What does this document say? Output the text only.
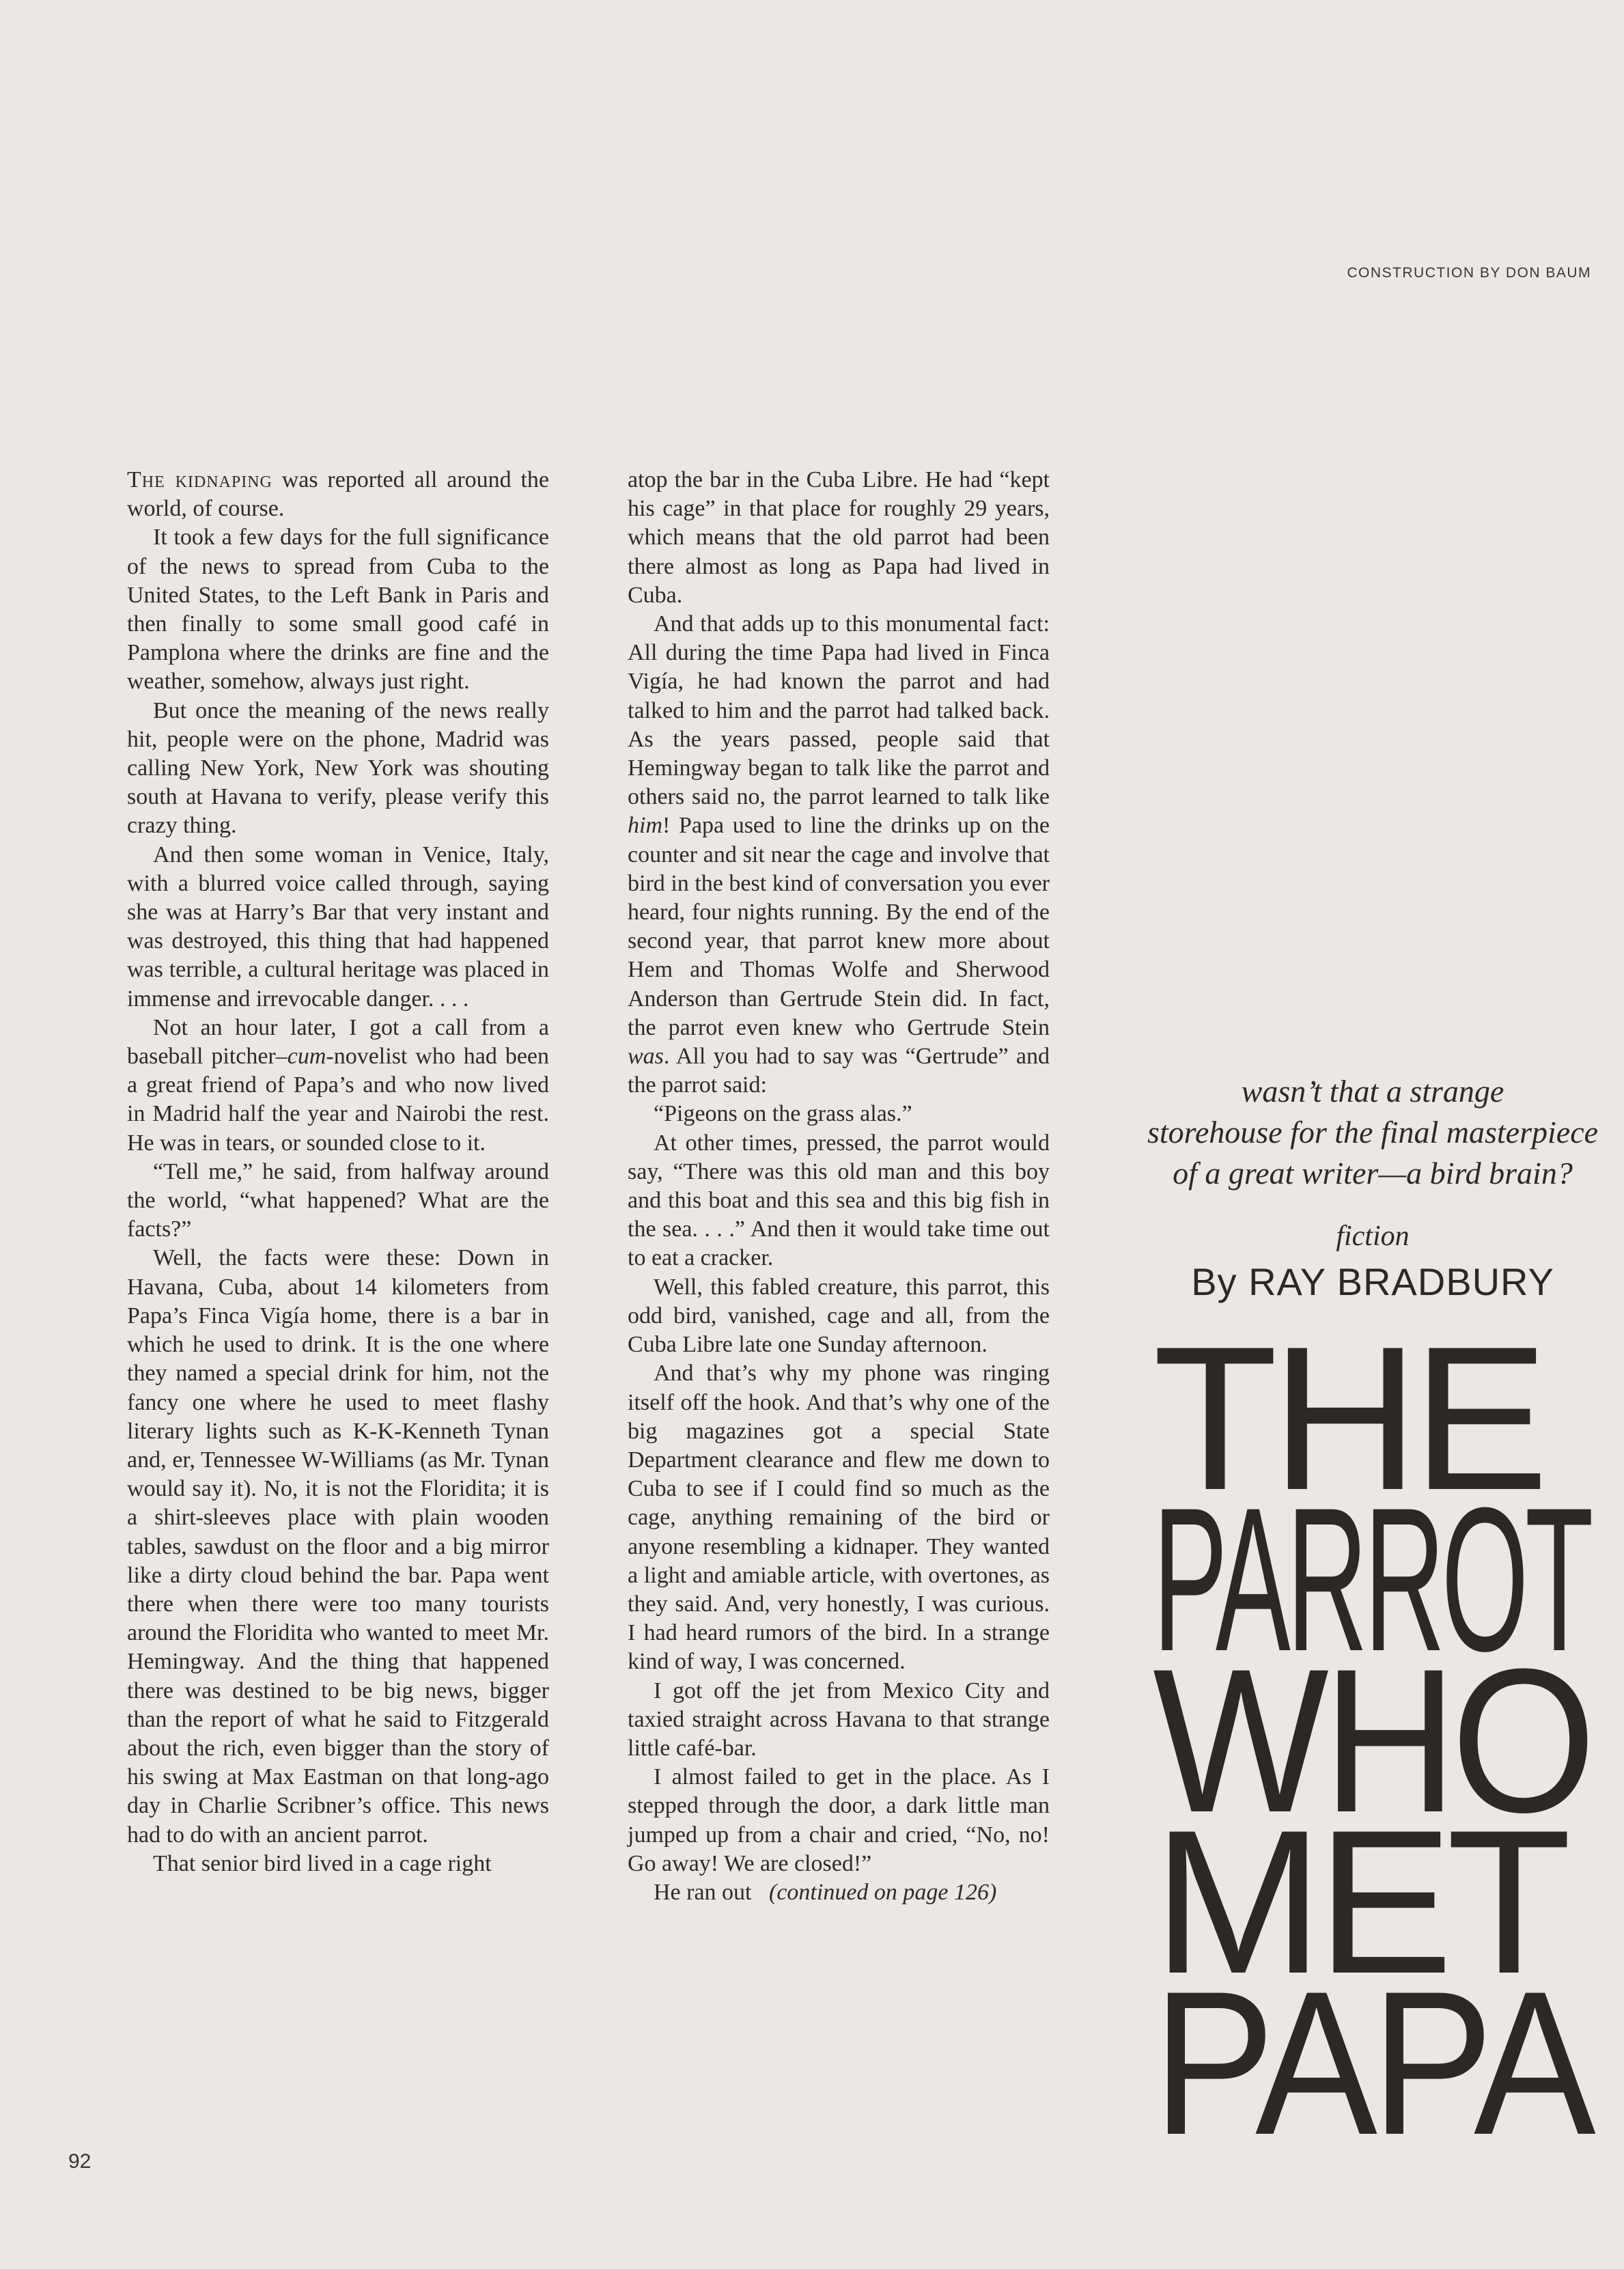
CONSTRUCTION BY DON BAUM

The kidnaping was reported all around the world, of course.

It took a few days for the full significance of the news to spread from Cuba to the United States, to the Left Bank in Paris and then finally to some small good café in Pamplona where the drinks are fine and the weather, somehow, always just right.

But once the meaning of the news really hit, people were on the phone, Madrid was calling New York, New York was shouting south at Havana to verify, please verify this crazy thing.

And then some woman in Venice, Italy, with a blurred voice called through, saying she was at Harry’s Bar that very instant and was destroyed, this thing that had happened was terrible, a cultural heritage was placed in immense and irrevocable danger. . . .

Not an hour later, I got a call from a baseball pitcher–cum-novelist who had been a great friend of Papa’s and who now lived in Madrid half the year and Nairobi the rest. He was in tears, or sounded close to it.

“Tell me,” he said, from halfway around the world, “what happened? What are the facts?”

Well, the facts were these: Down in Havana, Cuba, about 14 kilometers from Papa’s Finca Vigía home, there is a bar in which he used to drink. It is the one where they named a special drink for him, not the fancy one where he used to meet flashy literary lights such as K-K-Kenneth Tynan and, er, Tennessee W-Williams (as Mr. Tynan would say it). No, it is not the Floridita; it is a shirt-sleeves place with plain wooden tables, sawdust on the floor and a big mirror like a dirty cloud behind the bar. Papa went there when there were too many tourists around the Floridita who wanted to meet Mr. Hemingway. And the thing that happened there was destined to be big news, bigger than the report of what he said to Fitzgerald about the rich, even bigger than the story of his swing at Max Eastman on that long-ago day in Charlie Scribner’s office. This news had to do with an ancient parrot.

That senior bird lived in a cage right

atop the bar in the Cuba Libre. He had “kept his cage” in that place for roughly 29 years, which means that the old parrot had been there almost as long as Papa had lived in Cuba.

And that adds up to this monumental fact: All during the time Papa had lived in Finca Vigía, he had known the parrot and had talked to him and the parrot had talked back. As the years passed, people said that Hemingway began to talk like the parrot and others said no, the parrot learned to talk like him! Papa used to line the drinks up on the counter and sit near the cage and involve that bird in the best kind of conversation you ever heard, four nights running. By the end of the second year, that parrot knew more about Hem and Thomas Wolfe and Sherwood Anderson than Gertrude Stein did. In fact, the parrot even knew who Gertrude Stein was. All you had to say was “Gertrude” and the parrot said:

“Pigeons on the grass alas.”

At other times, pressed, the parrot would say, “There was this old man and this boy and this boat and this sea and this big fish in the sea. . . .” And then it would take time out to eat a cracker.

Well, this fabled creature, this parrot, this odd bird, vanished, cage and all, from the Cuba Libre late one Sunday afternoon.

And that’s why my phone was ringing itself off the hook. And that’s why one of the big magazines got a special State Department clearance and flew me down to Cuba to see if I could find so much as the cage, anything remaining of the bird or anyone resembling a kidnaper. They wanted a light and amiable article, with overtones, as they said. And, very honestly, I was curious. I had heard rumors of the bird. In a strange kind of way, I was concerned.

I got off the jet from Mexico City and taxied straight across Havana to that strange little café-bar.

I almost failed to get in the place. As I stepped through the door, a dark little man jumped up from a chair and cried, “No, no! Go away! We are closed!”

He ran out (continued on page 126)

wasn’t that a strange
storehouse for the final masterpiece
of a great writer—a bird brain?
fiction
By RAY BRADBURY
THE
PARROT
WHO
MET
PAPA
92
